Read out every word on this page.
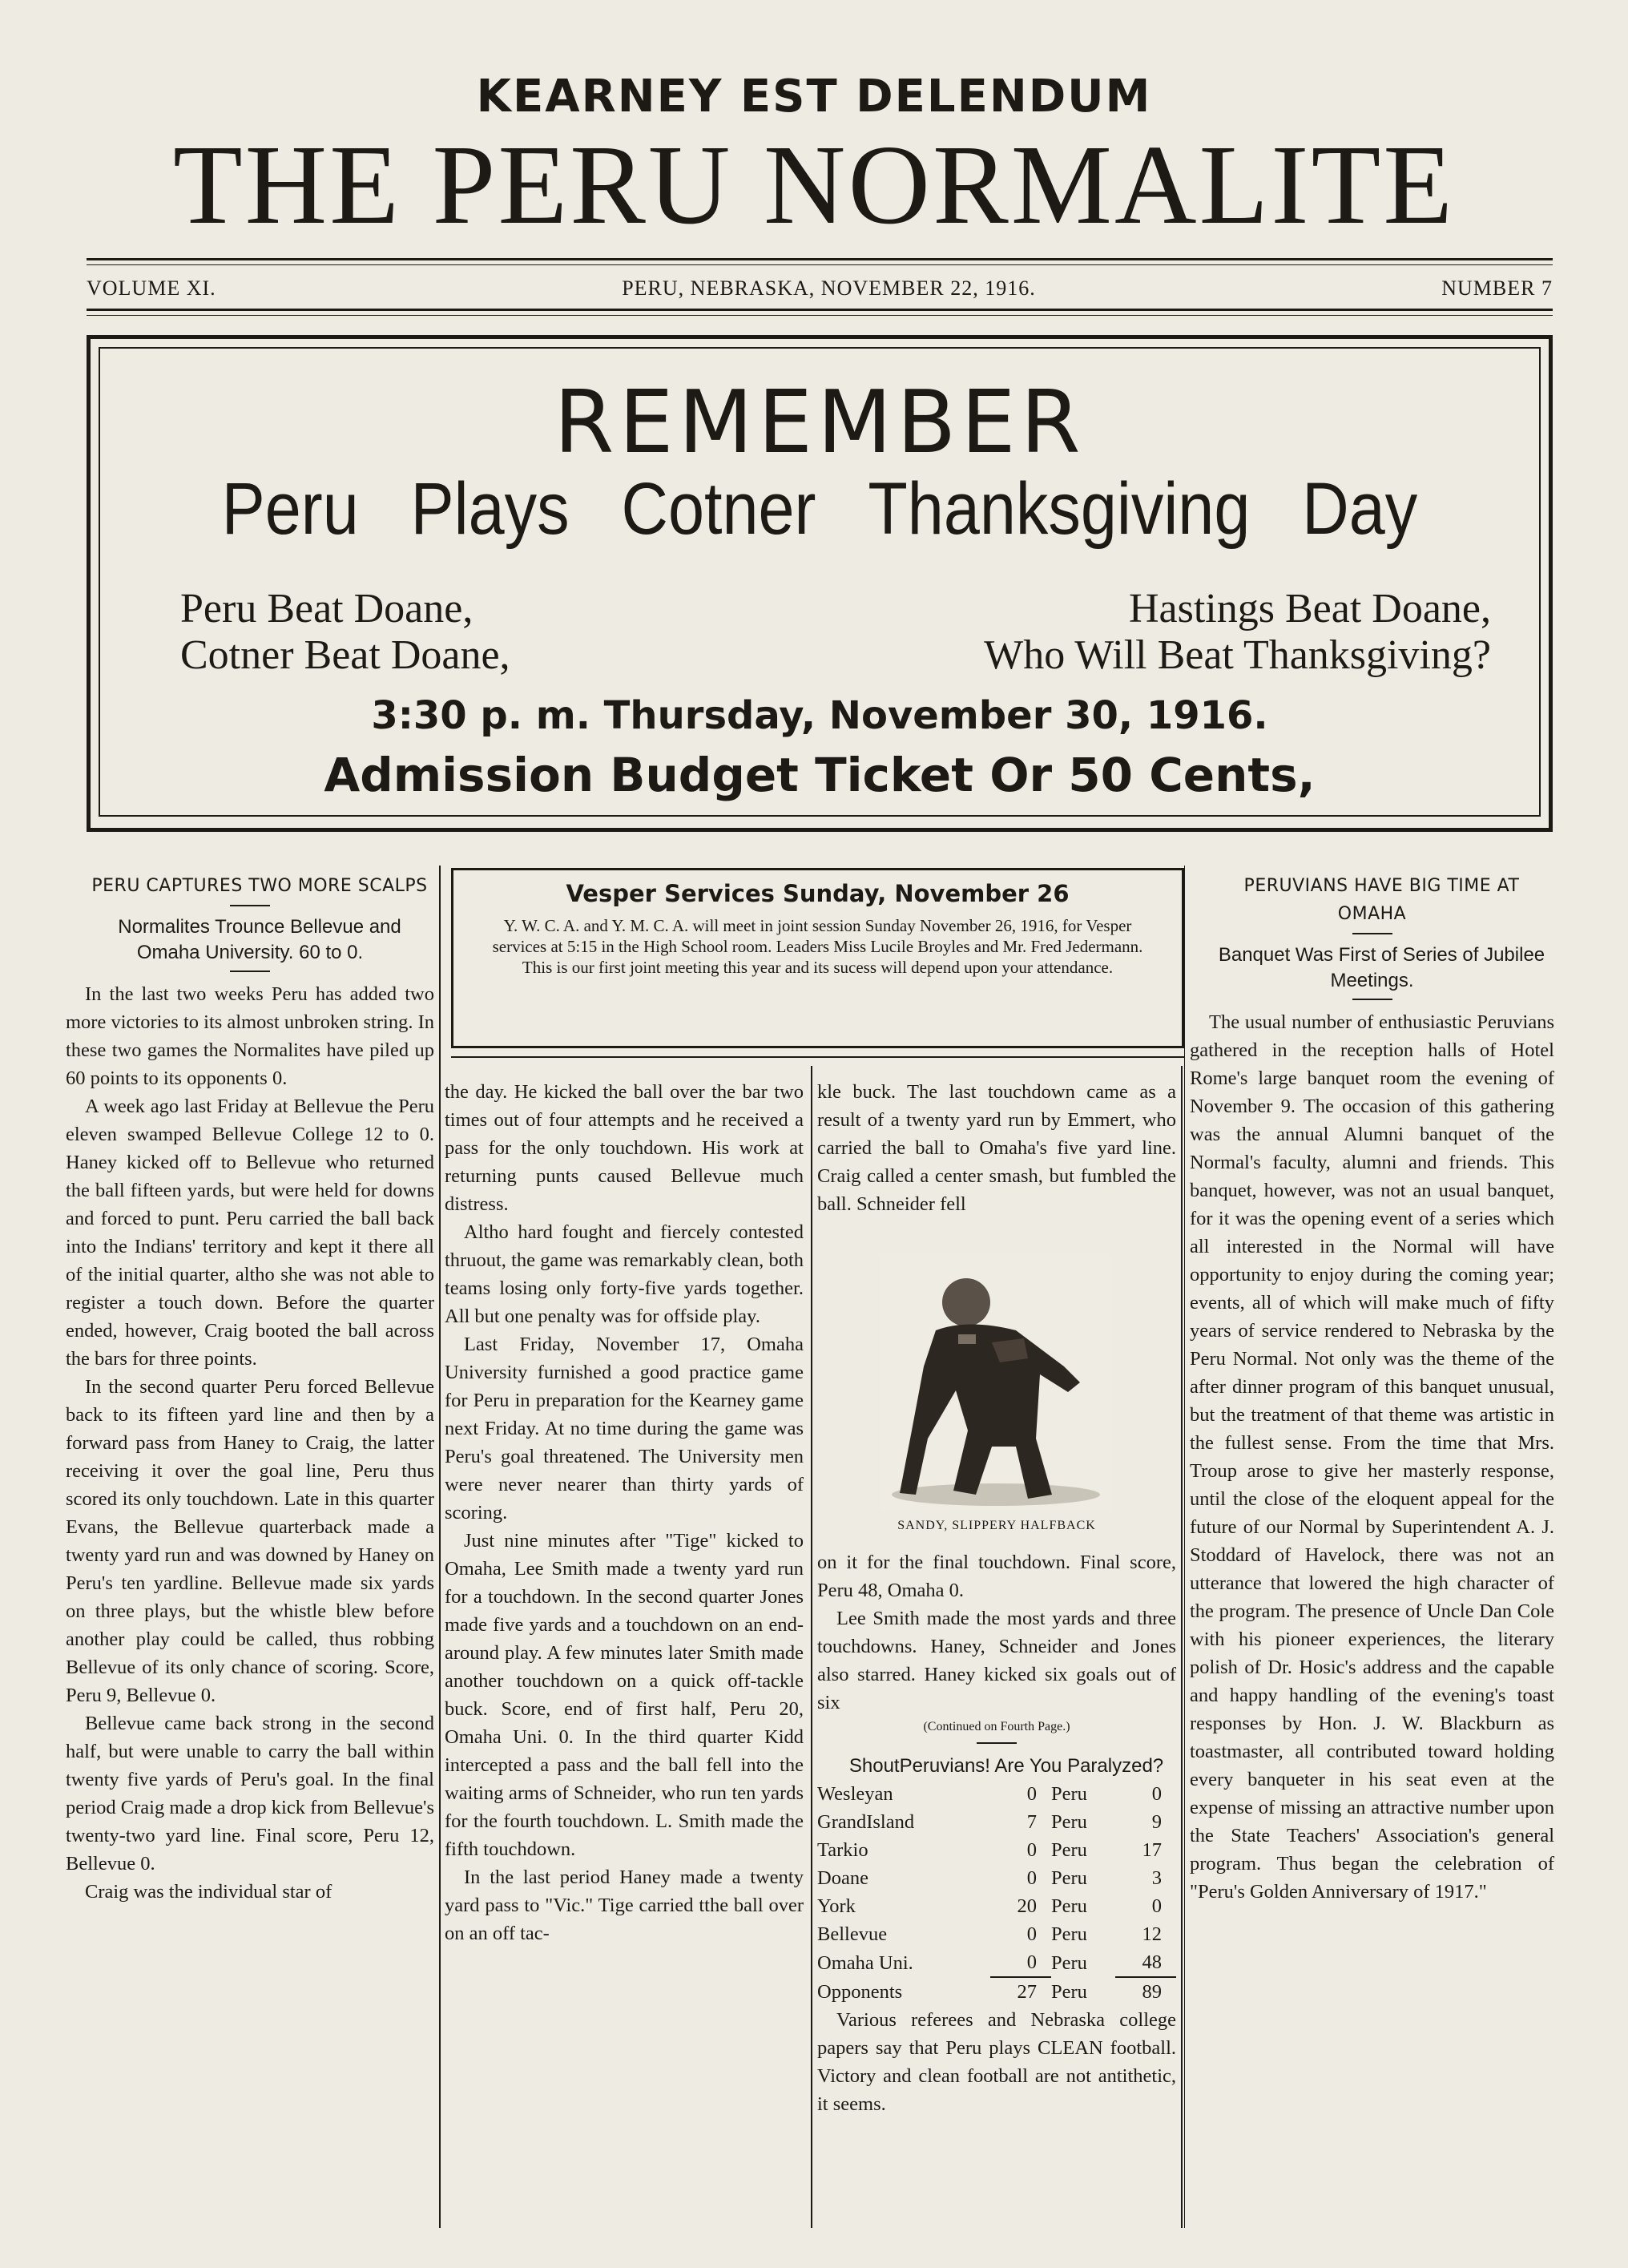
KEARNEY EST DELENDUM
THE PERU NORMALITE
VOLUME XI.	PERU, NEBRASKA, NOVEMBER 22, 1916.	NUMBER 7
REMEMBER
Peru Plays Cotner Thanksgiving Day
Peru Beat Doane,
Cotner Beat Doane,
Hastings Beat Doane,
Who Will Beat Thanksgiving?
3:30 p. m. Thursday, November 30, 1916.
Admission Budget Ticket Or 50 Cents,

PERU CAPTURES TWO MORE SCALPS

Normalites Trounce Bellevue and Omaha University. 60 to 0.

In the last two weeks Peru has added two more victories to its almost unbroken string. In these two games the Normalites have piled up 60 points to its opponents 0.

A week ago last Friday at Bellevue the Peru eleven swamped Bellevue College 12 to 0. Haney kicked off to Bellevue who returned the ball fifteen yards, but were held for downs and forced to punt. Peru carried the ball back into the Indians' territory and kept it there all of the initial quarter, altho she was not able to register a touch down. Before the quarter ended, however, Craig booted the ball across the bars for three points.

In the second quarter Peru forced Bellevue back to its fifteen yard line and then by a forward pass from Haney to Craig, the latter receiving it over the goal line, Peru thus scored its only touchdown. Late in this quarter Evans, the Bellevue quarterback made a twenty yard run and was downed by Haney on Peru's ten yardline. Bellevue made six yards on three plays, but the whistle blew before another play could be called, thus robbing Bellevue of its only chance of scoring. Score, Peru 9, Bellevue 0.

Bellevue came back strong in the second half, but were unable to carry the ball within twenty five yards of Peru's goal. In the final period Craig made a drop kick from Bellevue's twenty-two yard line. Final score, Peru 12, Bellevue 0.

Craig was the individual star of

Vesper Services Sunday, November 26
Y. W. C. A. and Y. M. C. A. will meet in joint session Sunday November 26, 1916, for Vesper services at 5:15 in the High School room. Leaders Miss Lucile Broyles and Mr. Fred Jedermann. This is our first joint meeting this year and its sucess will depend upon your attendance.

the day. He kicked the ball over the bar two times out of four attempts and he received a pass for the only touchdown. His work at returning punts caused Bellevue much distress.

Altho hard fought and fiercely contested thruout, the game was remarkably clean, both teams losing only forty-five yards together. All but one penalty was for offside play.

Last Friday, November 17, Omaha University furnished a good practice game for Peru in preparation for the Kearney game next Friday. At no time during the game was Peru's goal threatened. The University men were never nearer than thirty yards of scoring.

Just nine minutes after "Tige" kicked to Omaha, Lee Smith made a twenty yard run for a touchdown. In the second quarter Jones made five yards and a touchdown on an end-around play. A few minutes later Smith made another touchdown on a quick off-tackle buck. Score, end of first half, Peru 20, Omaha Uni. 0. In the third quarter Kidd intercepted a pass and the ball fell into the waiting arms of Schneider, who run ten yards for the fourth touchdown. L. Smith made the fifth touchdown.

In the last period Haney made a twenty yard pass to "Vic." Tige carried tthe ball over on an off tac-

kle buck. The last touchdown came as a result of a twenty yard run by Emmert, who carried the ball to Omaha's five yard line. Craig called a center smash, but fumbled the ball. Schneider fell

SANDY, SLIPPERY HALFBACK

on it for the final touchdown. Final score, Peru 48, Omaha 0.

Lee Smith made the most yards and three touchdowns. Haney, Schneider and Jones also starred. Haney kicked six goals out of six

(Continued on Fourth Page.)

ShoutPeruvians! Are You Paralyzed?

Wesleyan	0	Peru	0
GrandIsland	7	Peru	9
Tarkio	0	Peru	17
Doane	0	Peru	3
York	20	Peru	0
Bellevue	0	Peru	12
Omaha Uni.	0	Peru	48
Opponents	27	Peru	89

Various referees and Nebraska college papers say that Peru plays CLEAN football. Victory and clean football are not antithetic, it seems.

PERUVIANS HAVE BIG TIME AT OMAHA

Banquet Was First of Series of Jubilee Meetings.

The usual number of enthusiastic Peruvians gathered in the reception halls of Hotel Rome's large banquet room the evening of November 9. The occasion of this gathering was the annual Alumni banquet of the Normal's faculty, alumni and friends. This banquet, however, was not an usual banquet, for it was the opening event of a series which all interested in the Normal will have opportunity to enjoy during the coming year; events, all of which will make much of fifty years of service rendered to Nebraska by the Peru Normal. Not only was the theme of the after dinner program of this banquet unusual, but the treatment of that theme was artistic in the fullest sense. From the time that Mrs. Troup arose to give her masterly response, until the close of the eloquent appeal for the future of our Normal by Superintendent A. J. Stoddard of Havelock, there was not an utterance that lowered the high character of the program. The presence of Uncle Dan Cole with his pioneer experiences, the literary polish of Dr. Hosic's address and the capable and happy handling of the evening's toast responses by Hon. J. W. Blackburn as toastmaster, all contributed toward holding every banqueter in his seat even at the expense of missing an attractive number upon the State Teachers' Association's general program. Thus began the celebration of "Peru's Golden Anniversary of 1917."
